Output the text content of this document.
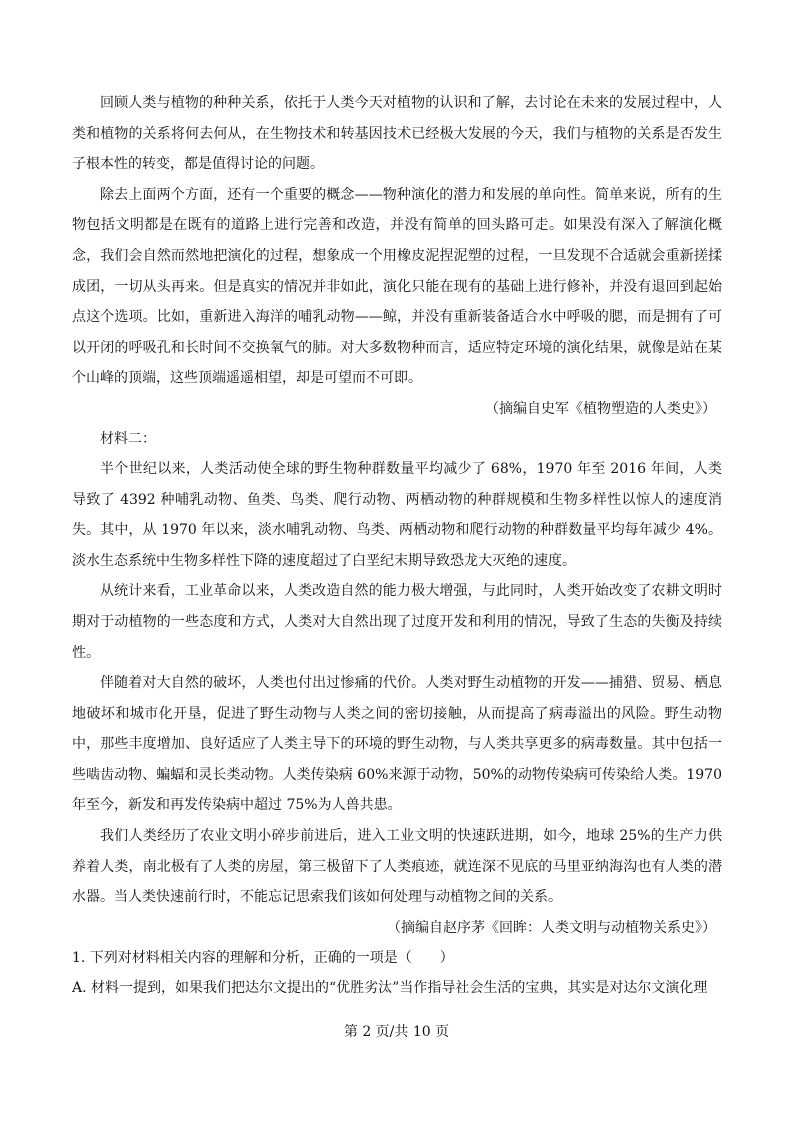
回顾人类与植物的种种关系，依托于人类今天对植物的认识和了解，去讨论在未来的发展过程中，人类和植物的关系将何去何从，在生物技术和转基因技术已经极大发展的今天，我们与植物的关系是否发生子根本性的转变，都是值得讨论的问题。

除去上面两个方面，还有一个重要的概念——物种演化的潜力和发展的单向性。简单来说，所有的生物包括文明都是在既有的道路上进行完善和改造，并没有简单的回头路可走。如果没有深入了解演化概念，我们会自然而然地把演化的过程，想象成一个用橡皮泥捏泥塑的过程，一旦发现不合适就会重新搓揉成团，一切从头再来。但是真实的情况并非如此，演化只能在现有的基础上进行修补，并没有退回到起始点这个选项。比如，重新进入海洋的哺乳动物——鲸，并没有重新装备适合水中呼吸的腮，而是拥有了可以开闭的呼吸孔和长时间不交换氧气的肺。对大多数物种而言，适应特定环境的演化结果，就像是站在某个山峰的顶端，这些顶端遥遥相望，却是可望而不可即。

（摘编自史军《植物塑造的人类史》）

材料二：

半个世纪以来，人类活动使全球的野生物种群数量平均减少了 68%，1970 年至 2016 年间，人类导致了 4392 种哺乳动物、鱼类、鸟类、爬行动物、两栖动物的种群规模和生物多样性以惊人的速度消失。其中，从 1970 年以来，淡水哺乳动物、鸟类、两栖动物和爬行动物的种群数量平均每年减少 4%。淡水生态系统中生物多样性下降的速度超过了白垩纪末期导致恐龙大灭绝的速度。

从统计来看，工业革命以来，人类改造自然的能力极大增强，与此同时，人类开始改变了农耕文明时期对于动植物的一些态度和方式，人类对大自然出现了过度开发和利用的情况，导致了生态的失衡及持续性。

伴随着对大自然的破坏，人类也付出过惨痛的代价。人类对野生动植物的开发——捕猎、贸易、栖息地破坏和城市化开垦，促进了野生动物与人类之间的密切接触，从而提高了病毒溢出的风险。野生动物中，那些丰度增加、良好适应了人类主导下的环境的野生动物，与人类共享更多的病毒数量。其中包括一些啮齿动物、蝙蝠和灵长类动物。人类传染病 60%来源于动物，50%的动物传染病可传染给人类。1970 年至今，新发和再发传染病中超过 75%为人兽共患。

我们人类经历了农业文明小碎步前进后，进入工业文明的快速跃进期，如今，地球 25%的生产力供养着人类，南北极有了人类的房屋，第三极留下了人类痕迹，就连深不见底的马里亚纳海沟也有人类的潜水器。当人类快速前行时，不能忘记思索我们该如何处理与动植物之间的关系。

（摘编自赵序茅《回眸：人类文明与动植物关系史》）

1. 下列对材料相关内容的理解和分析，正确的一项是（　　）

A. 材料一提到，如果我们把达尔文提出的“优胜劣汰”当作指导社会生活的宝典，其实是对达尔文演化理

第 2 页/共 10 页
